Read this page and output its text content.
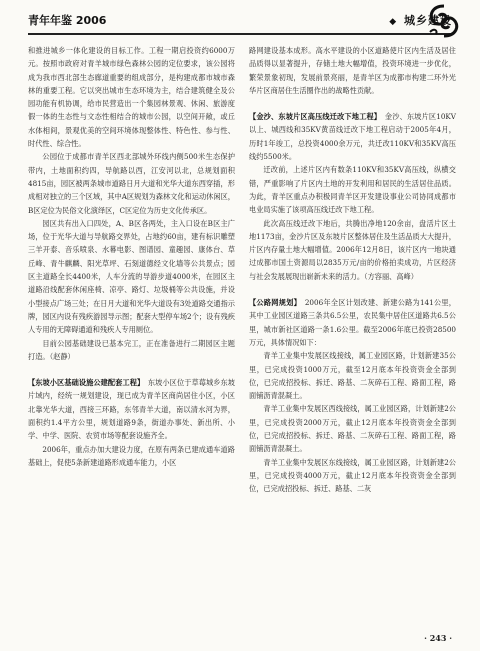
青年年鉴 2006	◆ 城乡建设

和推进城乡一体化建设的目标工作。工程一期启投资约6000万元。按照市政府对青羊城市绿色森林公园的定位要求，该公园将成为我市西北部生态廊道重要的组成部分，是构建成都市城市森林的重要工程。它以突出城市生态环境为主，结合建筑健全及公园功能有机协调，给市民营造出一个集园林景观、休闲、旅游度假一体的生态性与文态性相结合的城市公园，以空间开敞，或丘水体相间，景观优美的空间环境体现整体性、特色性、参与性、时代性、综合性。

公园位于成都市青羊区西北部城外环线内侧500米生态保护带内，土地面积约四，导航路以西，江安河以北，总规划面积4815亩，园区被两条城市道路日月大道和光华大道东西穿插，形成相对独立的三个区域，其中A区规划为森林文化和运动休闲区，B区定位为民俗文化演绎区，C区定位为历史文化传承区。

园区共有出入口四处，A、B区各两处，主入口设在B区主广场，位于光华大道与导航路交界处，占地约60亩，建有标识雕塑三羊开泰、音乐喷泉、水幕电影、图谱园、童趣园、康体台、草丘峰、青牛麒麟、阳光草坪、石刻道德经文化墙等公共景点；园区主道路全长4400米，人车分流的导游步道4000米，在园区主道路沿线配套休闲座椅、凉亭、路灯、垃圾桶等公共设施，并设小型接点广场三处；在日月大道和光华大道设有3处道路交通指示牌，园区内设有残疾游园导示图；配套大型停车场2个；设有残疾人专用的无障碍通道和残疾人专用厕位。

目前公园基础建设已基本完工，正在准备进行二期园区主题打造。（赵静）

【东坡小区基础设施公建配套工程】　 东坡小区位于草莓城乡东坡片域内，经统一规划建设，现已成为青羊区商尚居住小区，小区北靠光华大道，西接三环路，东邻青羊大道，南以清水河为界，面积约1.4平方公里，规划道路9条，街道办事处、新出所、小学、中学、医院、农贸市场等配套设施齐全。

2006年，重点办加大建设力度，在原有两条已建成通车道路基础上，促使5条新建道路形成通车能力，小区

路网建设基本成形。高水平建设的小区道路使片区内生活及居住品质得以显著提升，存储土地大幅增值，投资环境进一步优化，繁荣景象初现，发展前景亮丽，是青羊区为成都市构建二环外光华片区商居住生活圈作出的战略性贡献。

【金沙、东坡片区高压线迁改下地工程】　 金沙、东坡片区10KV以上、城西线和35KV黄苗线迁改下地工程启动于2005年4月，历时1年竣工，总投资4000余万元，共迁改110KV和35KV高压线约5500米。

迁改前，上述片区内有数条110KV和35KV高压线，纵横交错，严重影响了片区内土地的开发利用和居民的生活居住品质。为此，青羊区重点办积极同青羊区开发建设事业公司协同成都市电业局实施了该项高压线迁改下地工程。

此次高压线迁改下地后，共腾出净地120余亩，盘活片区土地1173亩，金沙片区及东坡片区整体居住及生活品质大大提升，片区内存量土地大幅增值。2006年12月8日，该片区内一地块通过成都市国土资源局以2835万元/亩的价格拍卖成功，片区经济与社会发展展现出崭新未来的活力。（方容丽、高峰）

【公路网规划】　 2006年全区计划改建、新建公路为141公里，其中工业园区道路三条共6.5公里，农民集中居住区道路共6.5公里，城市新社区道路一条1.6公里。截至2006年底已投资28500万元，具体情况如下：

青羊工业集中发展区线接线，属工业园区路，计划新建35公里，已完成投资1000万元，截至12月底本年投资资金全部到位，已完成招投标、拆迁、路基、二灰碎石工程、路面工程，路面铺沥青混凝土。

青羊工业集中发展区西线接线，属工业园区路，计划新建2公里，已完成投资2000万元，截止12月底本年投资资金全部到位，已完成招投标、拆迁、路基、二灰碎石工程、路面工程，路面铺沥青混凝土。

青羊工业集中发展区东线接线，属工业园区路，计划新建2公里，已完成投资4000万元，截止12月底本年投资资金全部到位，已完成招投标、拆迁、路基、二灰

· 243 ·
